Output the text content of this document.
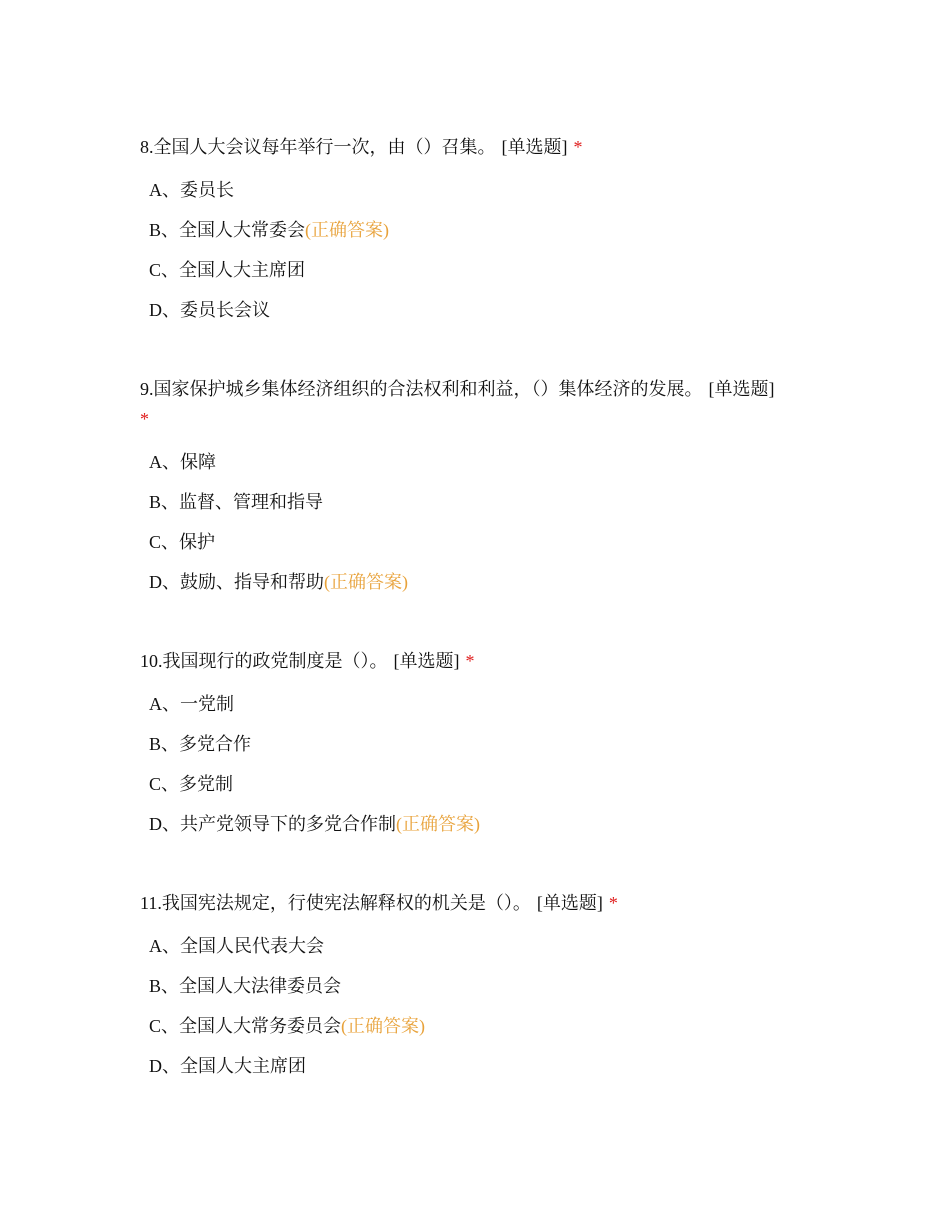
8.全国人大会议每年举行一次，由（）召集。 [单选题] *

A、委员长
B、全国人大常委会(正确答案)
C、全国人大主席团
D、委员长会议

9.国家保护城乡集体经济组织的合法权利和利益，（）集体经济的发展。 [单选题]
*

A、保障
B、监督、管理和指导
C、保护
D、鼓励、指导和帮助(正确答案)

10.我国现行的政党制度是（）。 [单选题] *

A、一党制
B、多党合作
C、多党制
D、共产党领导下的多党合作制(正确答案)

11.我国宪法规定，行使宪法解释权的机关是（）。 [单选题] *

A、全国人民代表大会
B、全国人大法律委员会
C、全国人大常务委员会(正确答案)
D、全国人大主席团
